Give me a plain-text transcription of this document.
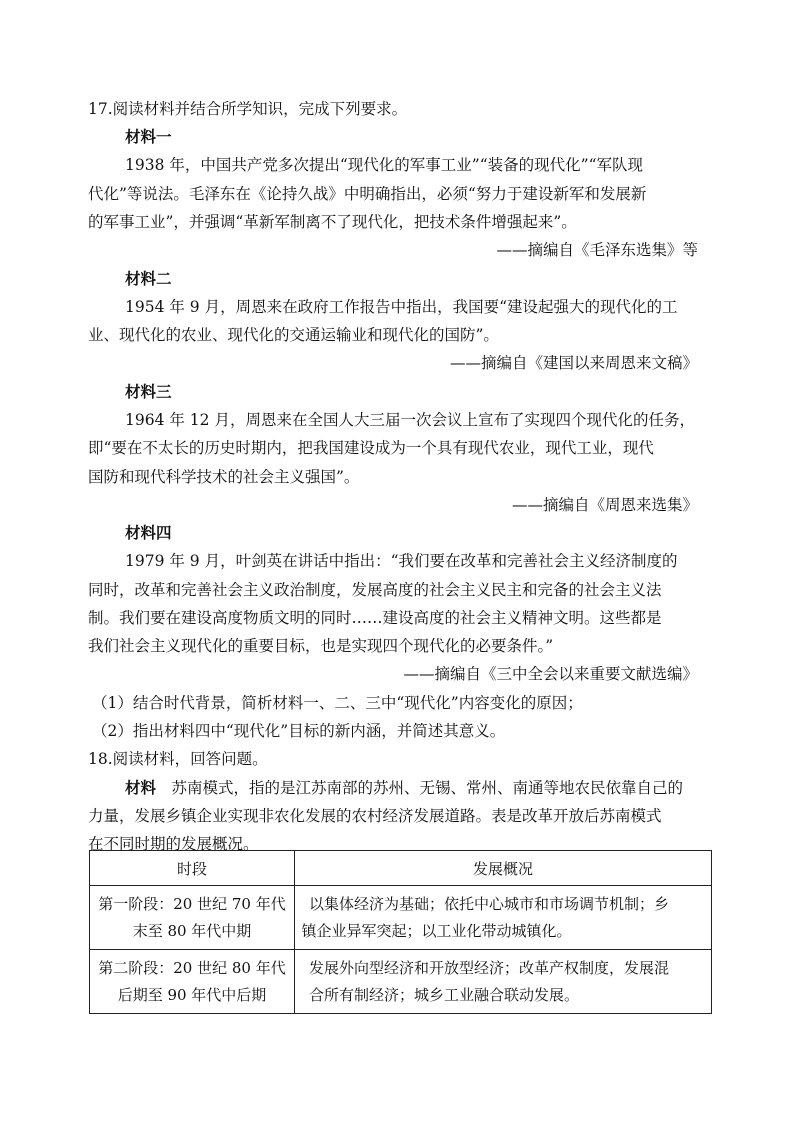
17.阅读材料并结合所学知识，完成下列要求。
材料一
1938 年，中国共产党多次提出“现代化的军事工业”“装备的现代化”“军队现
代化”等说法。毛泽东在《论持久战》中明确指出，必须“努力于建设新军和发展新
的军事工业”，并强调“革新军制离不了现代化，把技术条件增强起来”。
——摘编自《毛泽东选集》等
材料二
1954 年 9 月，周恩来在政府工作报告中指出，我国要“建设起强大的现代化的工
业、现代化的农业、现代化的交通运输业和现代化的国防”。
——摘编自《建国以来周恩来文稿》
材料三
1964 年 12 月，周恩来在全国人大三届一次会议上宣布了实现四个现代化的任务，
即“要在不太长的历史时期内，把我国建设成为一个具有现代农业，现代工业，现代
国防和现代科学技术的社会主义强国”。
——摘编自《周恩来选集》
材料四
1979 年 9 月，叶剑英在讲话中指出：“我们要在改革和完善社会主义经济制度的
同时，改革和完善社会主义政治制度，发展高度的社会主义民主和完备的社会主义法
制。我们要在建设高度物质文明的同时……建设高度的社会主义精神文明。这些都是
我们社会主义现代化的重要目标，也是实现四个现代化的必要条件。”
——摘编自《三中全会以来重要文献选编》
（1）结合时代背景，简析材料一、二、三中“现代化”内容变化的原因；
（2）指出材料四中“现代化”目标的新内涵，并简述其意义。
18.阅读材料，回答问题。
材料  苏南模式，指的是江苏南部的苏州、无锡、常州、南通等地农民依靠自己的
力量，发展乡镇企业实现非农化发展的农村经济发展道路。表是改革开放后苏南模式
在不同时期的发展概况。
时段	发展概况

第一阶段：20 世纪 70 年代
末至 80 年代中期	以集体经济为基础；依托中心城市和市场调节机制；乡
镇企业异军突起；以工业化带动城镇化。

第二阶段：20 世纪 80 年代
后期至 90 年代中后期	发展外向型经济和开放型经济；改革产权制度，发展混
合所有制经济；城乡工业融合联动发展。
